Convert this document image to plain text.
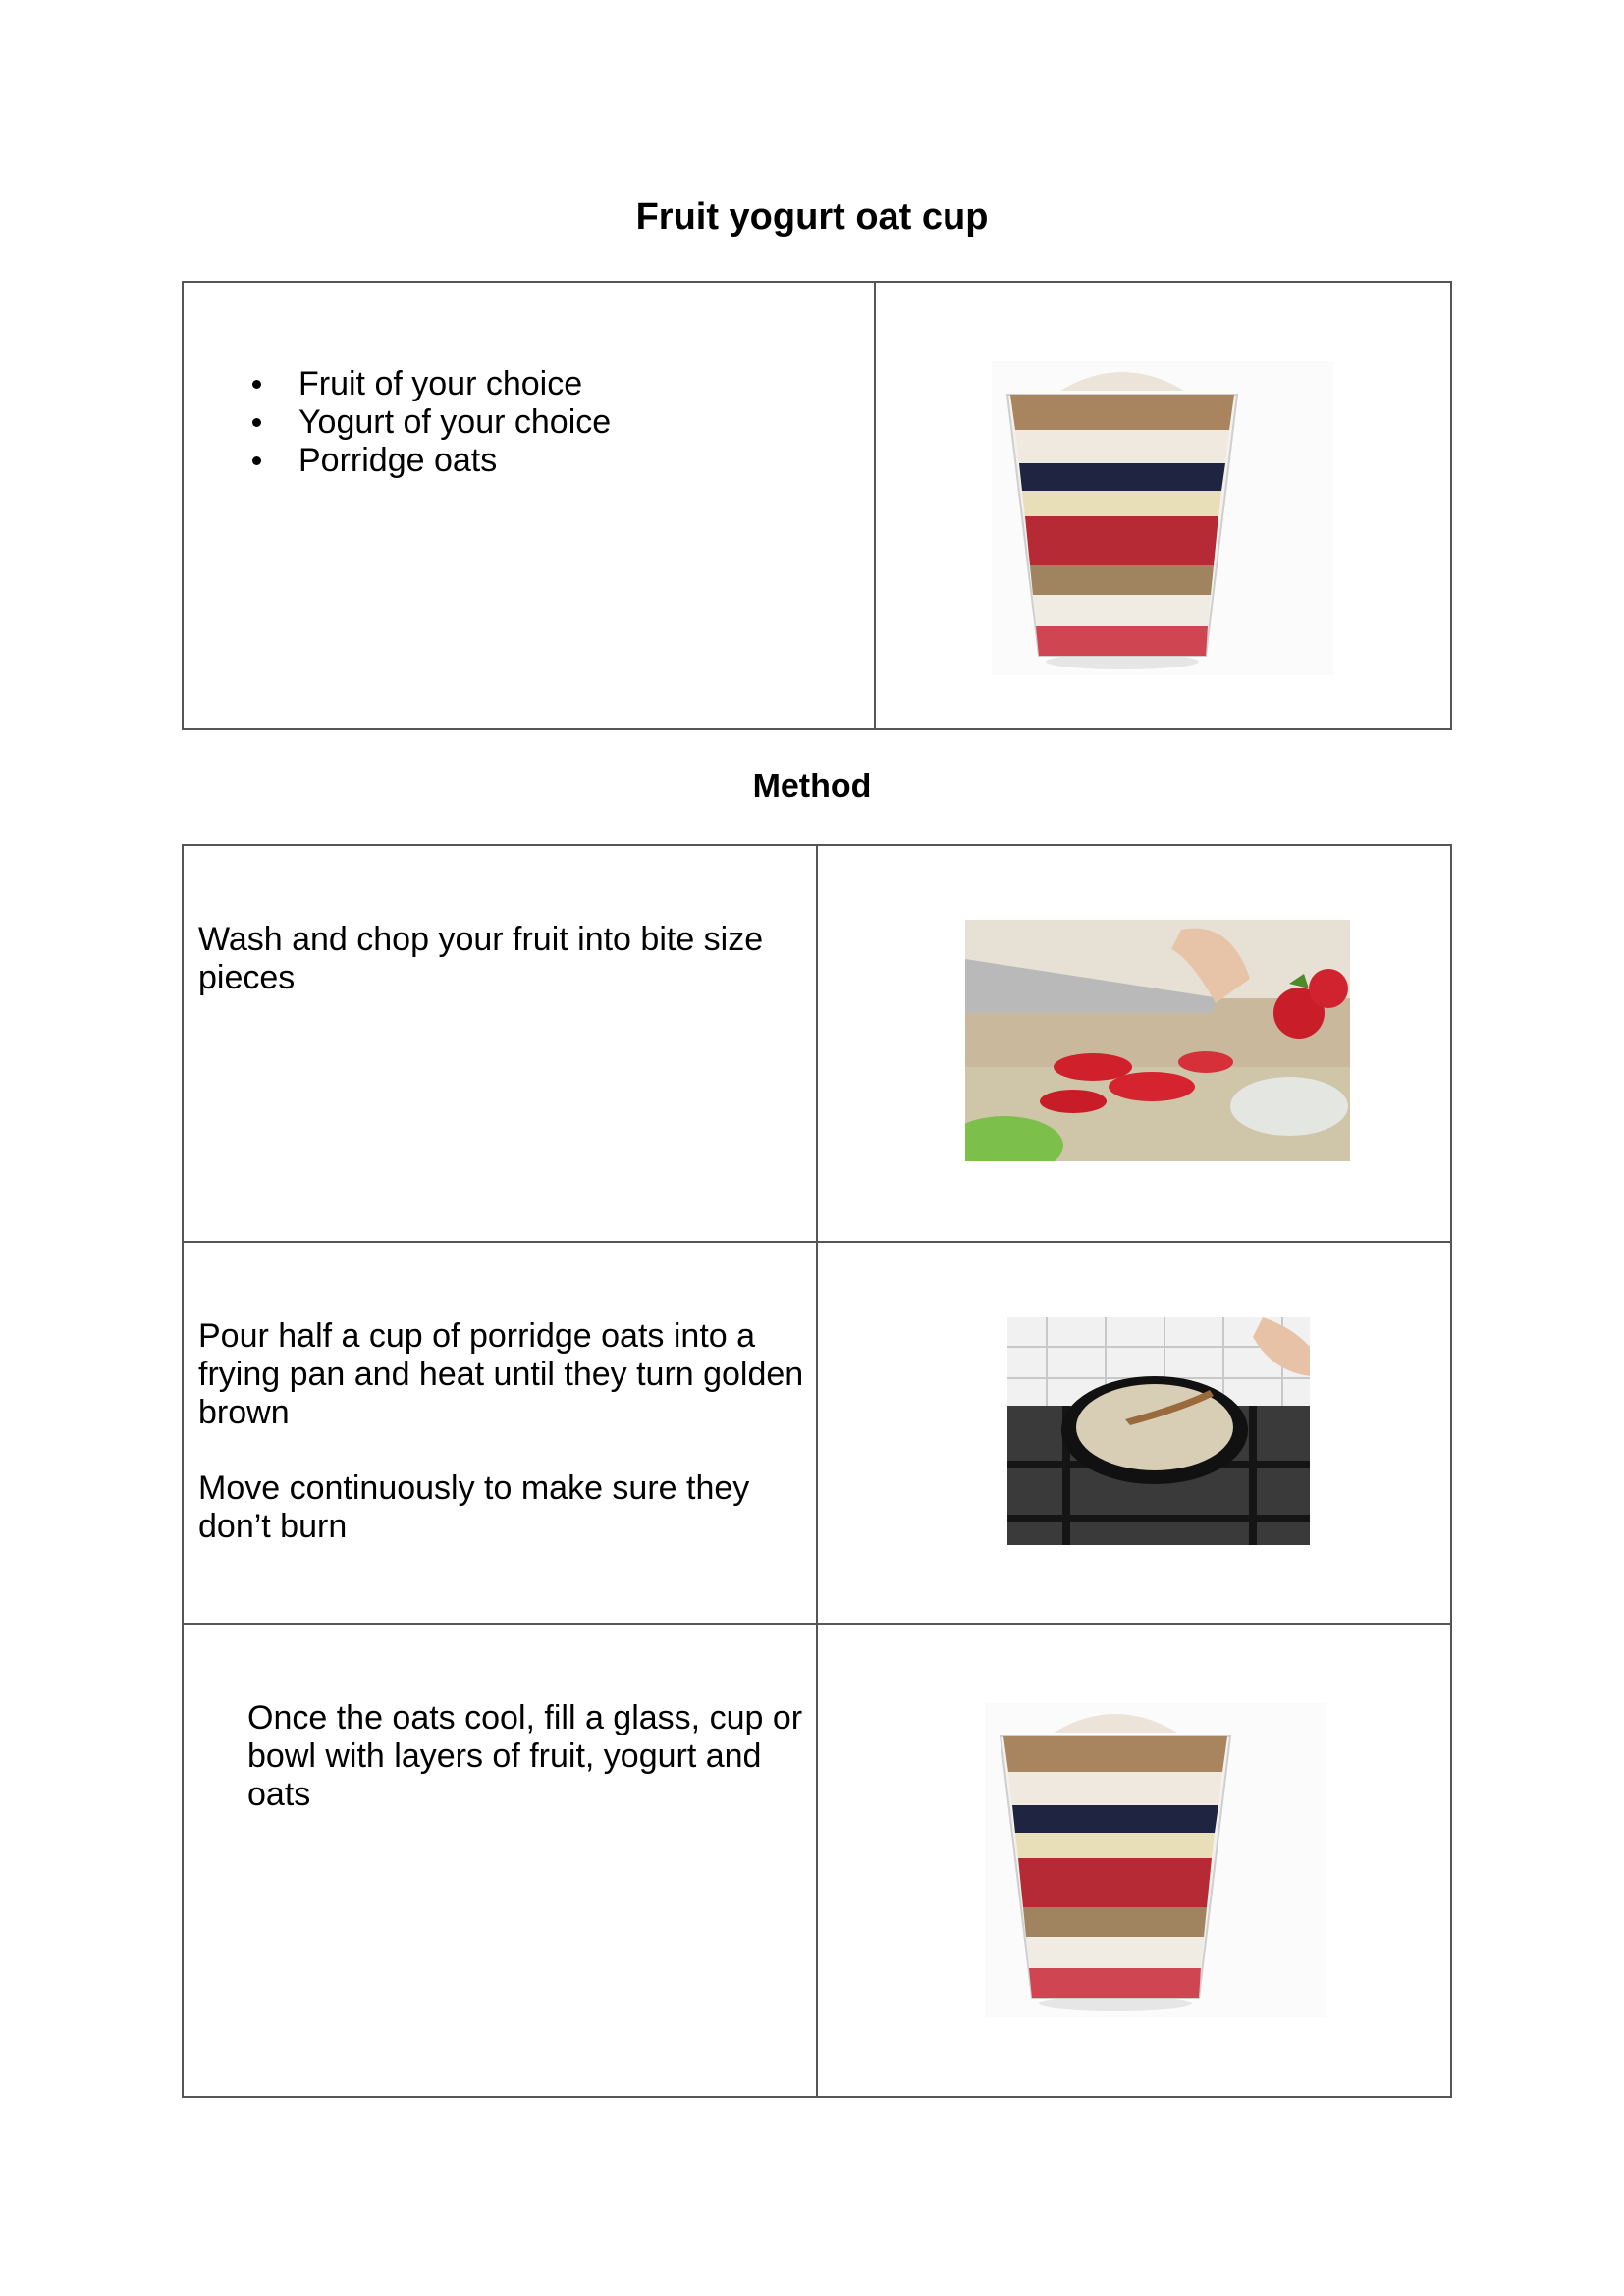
Fruit yogurt oat cup
Fruit of your choice
Yogurt of your choice
Porridge oats

Method

Wash and chop your fruit into bite size pieces

Pour half a cup of porridge oats into a frying pan and heat until they turn golden brown

Move continuously to make sure they don’t burn

Once the oats cool, fill a glass, cup or bowl with layers of fruit, yogurt and oats
